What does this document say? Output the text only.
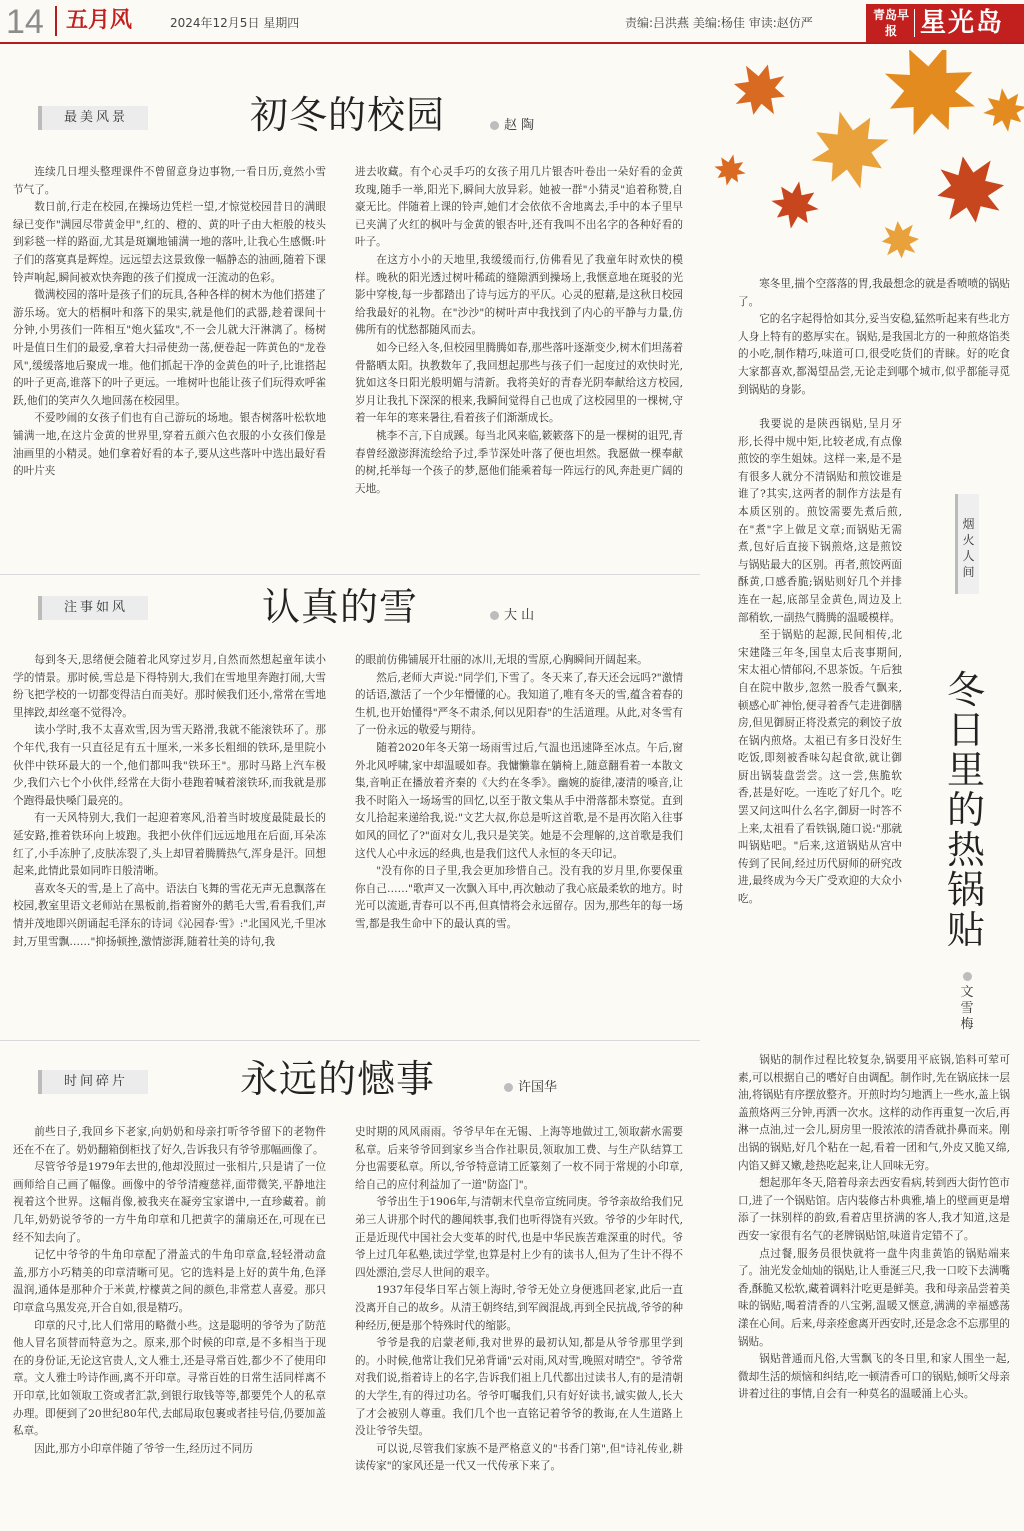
14 五月风	2024年12月5日 星期四	责编:吕洪燕 美编:杨佳 审读:赵仿严
青岛早报 星光岛
最美风景	初冬的校园	赵 陶

连续几日埋头整理课件不曾留意身边事物,一看日历,竟然小雪节气了。

数日前,行走在校园,在操场边凭栏一望,才惊觉校园昔日的满眼绿已变作"满园尽带黄金甲",红的、橙的、黄的叶子由大柜般的枝头到彩毯一样的路面,尤其是斑斓地铺满一地的落叶,让我心生感慨:叶子们的落寞真是辉煌。远远望去这景致像一幅静态的油画,随着下课铃声响起,瞬间被欢快奔跑的孩子们搅成一汪流动的色彩。

微满校园的落叶是孩子们的玩具,各种各样的树木为他们搭建了游乐场。宽大的梧桐叶和落下的果实,就是他们的武器,趁着课间十分钟,小男孩们一阵相互"炮火猛攻",不一会儿就大汗淋漓了。杨树叶是值日生们的最爱,拿着大扫帚使劲一荡,便卷起一阵黄色的"龙卷风",缓缓落地后聚成一堆。他们抓起干净的金黄色的叶子,比谁搭起的叶子更高,谁落下的叶子更远。一堆树叶也能让孩子们玩得欢呼雀跃,他们的笑声久久地回荡在校园里。

不爱吵闹的女孩子们也有自己游玩的场地。银杏树落叶松软地铺满一地,在这片金黄的世界里,穿着五颜六色衣服的小女孩们像是油画里的小精灵。她们拿着好看的本子,要从这些落叶中选出最好看的叶片夹

进去收藏。有个心灵手巧的女孩子用几片银杏叶卷出一朵好看的金黄玫瑰,随手一举,阳光下,瞬间大放异彩。她被一群"小猜灵"追着称赞,自豪无比。伴随着上课的铃声,她们才会依依不舍地离去,手中的本子里早已夹满了火红的枫叶与金黄的银杏叶,还有我叫不出名字的各种好看的叶子。

在这方小小的天地里,我缓缓而行,仿佛看见了我童年时欢快的模样。晚秋的阳光透过树叶稀疏的缝隙洒到操场上,我惬意地在斑驳的光影中穿梭,每一步都踏出了诗与远方的平仄。心灵的慰藉,是这秋日校园给我最好的礼物。在"沙沙"的树叶声中我找到了内心的平静与力量,仿佛所有的忧愁都随风而去。

如今已经入冬,但校园里腾腾如春,那些落叶逐渐变少,树木们坦荡着骨骼晒太阳。执教数年了,我回想起那些与孩子们一起度过的欢快时光,犹如这冬日阳光般明媚与清新。我将美好的青春光阴奉献给这方校园,岁月让我扎下深深的根来,我瞬间觉得自己也成了这校园里的一棵树,守着一年年的寒来暑往,看着孩子们渐渐成长。

桃李不言,下自成蹊。每当北风来临,簌簌落下的是一棵树的诅咒,青春曾经激澎湃流绘给予过,季节深处叶落了便也坦然。我愿做一棵奉献的树,托举每一个孩子的梦,愿他们能乘着每一阵远行的风,奔赴更广阔的天地。

注事如风	认真的雪	大 山

每到冬天,思绪便会随着北风穿过岁月,自然而然想起童年读小学的情景。那时候,雪总是下得特别大,我们在雪地里奔跑打闹,大雪纷飞把学校的一切都变得洁白而美好。那时候我们还小,常常在雪地里摔跤,却丝毫不觉得冷。

读小学时,我不太喜欢雪,因为雪天路滑,我就不能滚铁环了。那个年代,我有一只直径足有五十厘米,一米多长粗细的铁环,是里院小伙伴中铁环最大的一个,他们都叫我"铁环王"。那时马路上汽车极少,我们六七个小伙伴,经常在大街小巷跑着喊着滚铁环,而我就是那个跑得最快嗓门最亮的。

有一天风特别大,我们一起迎着寒风,沿着当时坡度最陡最长的延安路,推着铁环向上坡跑。我把小伙伴们远远地甩在后面,耳朵冻红了,小手冻肿了,皮肤冻裂了,头上却冒着腾腾热气,浑身是汗。回想起来,此情此景如同昨日般清晰。

喜欢冬天的雪,是上了高中。语法白飞舞的雪花无声无息飘落在校园,教室里语文老师站在黑板前,指着窗外的鹅毛大雪,看看我们,声情并茂地即兴朗诵起毛泽东的诗词《沁园春·雪》:"北国风光,千里冰封,万里雪飘……"抑扬顿挫,激情澎湃,随着壮美的诗句,我

的眼前仿佛铺展开壮丽的冰川,无垠的雪原,心胸瞬间开阔起来。

然后,老师大声说:"同学们,下雪了。冬天来了,春天还会远吗?"激情的话语,激活了一个少年懵懂的心。我知道了,唯有冬天的雪,蕴含着春的生机,也开始懂得"严冬不肃杀,何以见阳春"的生活道理。从此,对冬雪有了一份永远的敬爱与期待。

随着2020年冬天第一场雨雪过后,气温也迅速降至冰点。午后,窗外北风呼啸,家中却温暖如春。我慵懒靠在躺椅上,随意翻看着一本散文集,音响正在播放着齐秦的《大约在冬季》。幽婉的旋律,凄清的嗓音,让我不时陷入一场场雪的回忆,以至于散文集从手中滑落都未察觉。直到女儿拾起来递给我,说:"文艺大叔,你总是听这首歌,是不是再次陷入往事如风的回忆了?"面对女儿,我只是笑笑。她是不会理解的,这首歌是我们这代人心中永远的经典,也是我们这代人永恒的冬天印记。

"没有你的日子里,我会更加珍惜自己。没有我的岁月里,你要保重你自己……"歌声又一次飘入耳中,再次触动了我心底最柔软的地方。时光可以流逝,青春可以不再,但真情将会永远留存。因为,那些年的每一场雪,都是我生命中下的最认真的雪。

时间碎片	永远的憾事	许国华

前些日子,我回乡下老家,向奶奶和母亲打听爷爷留下的老物件还在不在了。奶奶翻箱倒柜找了好久,告诉我只有爷爷那幅画像了。

尽管爷爷是1979年去世的,他却没照过一张相片,只是请了一位画师给自己画了幅像。画像中的爷爷清瘦慈祥,面带微笑,平静地注视着这个世界。这幅肖像,被我夹在凝旁宝家谱中,一直珍藏着。前几年,奶奶说爷爷的一方牛角印章和几把黄字的蒲扇还在,可现在已经不知去向了。

记忆中爷爷的牛角印章配了滑盖式的牛角印章盒,轻轻滑动盒盖,那方小巧精美的印章清晰可见。它的选料是上好的黄牛角,色泽温润,通体是那种介于米黄,柠檬黄之间的颜色,非常惹人喜爱。那只印章盒乌黑发亮,开合自如,很是精巧。

印章的尺寸,比人们常用的略微小些。这是聪明的爷爷为了防范他人冒名顶替而特意为之。原来,那个时候的印章,是不多相当于现在的身份证,无论这官贵人,文人雅士,还是寻常百姓,都少不了使用印章。文人雅士吟诗作画,离不开印章。寻常百姓的日常生活同样离不开印章,比如领取工资或者汇款,到银行取钱等等,都要凭个人的私章办理。即便到了20世纪80年代,去邮局取包裹或者挂号信,仍要加盖私章。

因此,那方小印章伴随了爷爷一生,经历过不同历

史时期的风风雨雨。爷爷早年在无锡、上海等地做过工,领取薪水需要私章。后来爷爷回到家乡当合作社职员,领取加工费、与生产队结算工分也需要私章。所以,爷爷特意请工匠篆刻了一枚不同于常规的小印章,给自己的应付利益加了一道"防盗门"。

爷爷出生于1906年,与清朝末代皇帝宣统同庚。爷爷亲故给我们兄弟三人讲那个时代的趣闻轶事,我们也听得饶有兴致。爷爷的少年时代,正是近现代中国社会大变革的时代,也是中华民族苦难深重的时代。爷爷上过几年私塾,读过学堂,也算是村上少有的读书人,但为了生计不得不四处漂泊,尝尽人世间的艰辛。

1937年侵华日军占领上海时,爷爷无处立身便逃回老家,此后一直没离开自己的故乡。从清王朝终结,到军阀混战,再到全民抗战,爷爷的种种经历,便是那个特殊时代的缩影。

爷爷是我的启蒙老师,我对世界的最初认知,都是从爷爷那里学到的。小时候,他常让我们兄弟背诵"云对雨,风对雪,晚照对晴空"。爷爷常对我们说,指着诗上的名字,告诉我们祖上几代都出过读书人,有的是清朝的大学生,有的得过功名。爷爷叮嘱我们,只有好好读书,诚实做人,长大了才会被别人尊重。我们几个也一直铭记着爷爷的教诲,在人生道路上没让爷爷失望。

可以说,尽管我们家族不是严格意义的"书香门第",但"诗礼传业,耕读传家"的家风还是一代又一代传承下来了。

寒冬里,揣个空落落的胃,我最想念的就是香喷喷的锅贴了。

它的名字起得恰如其分,妥当安稳,猛然听起来有些北方人身上特有的憨厚实在。锅贴,是我国北方的一种煎烙馅类的小吃,制作精巧,味道可口,很受吃货们的青睐。好的吃食大家都喜欢,都渴望品尝,无论走到哪个城市,似乎都能寻觅到锅贴的身影。

我要说的是陕西锅贴,呈月牙形,长得中规中矩,比较老成,有点像煎饺的孪生姐妹。这样一来,是不是有很多人就分不清锅贴和煎饺谁是谁了?其实,这两者的制作方法是有本质区别的。煎饺需要先煮后煎,在"煮"字上做足文章;而锅贴无需煮,包好后直接下锅煎烙,这是煎饺与锅贴最大的区别。再者,煎饺两面酥黄,口感香脆;锅贴则好几个并排连在一起,底部呈金黄色,周边及上部稍软,一副热气腾腾的温暖模样。

至于锅贴的起源,民间相传,北宋建隆三年冬,国皇太后丧事期间,宋太祖心情郁闷,不思茶饭。午后独自在院中散步,忽然一股香气飘来,顿感心旷神怡,便寻着香气走进御膳房,但见御厨正将没煮完的剩饺子放在锅内煎烙。太祖已有多日没好生吃饭,即刻被香味勾起食欲,就让御厨出锅装盘尝尝。这一尝,焦脆软香,甚是好吃。一连吃了好几个。吃罢又问这叫什么名字,御厨一时答不上来,太祖看了看铁锅,随口说:"那就叫锅贴吧。"后来,这道锅贴从宫中传到了民间,经过历代厨师的研究改进,最终成为今天广受欢迎的大众小吃。

烟火人间
冬日里的热锅贴
文雪梅

锅贴的制作过程比较复杂,锅要用平底锅,馅料可荤可素,可以根据自己的嗜好自由调配。制作时,先在锅底抹一层油,将锅贴有序摆放整齐。开煎时均匀地洒上一些水,盖上锅盖煎烙两三分钟,再洒一次水。这样的动作再重复一次后,再淋一点油,过一会儿,厨房里一股浓浓的清香就扑鼻而来。刚出锅的锅贴,好几个粘在一起,看着一团和气,外皮又脆又绵,内馅又鲜又嫩,趁热吃起来,让人回味无穷。

想起那年冬天,陪着母亲去西安看病,转到西大街竹笆市口,进了一个锅贴馆。店内装修古朴典雅,墙上的壁画更是增添了一抹别样的韵致,看着店里挤满的客人,我才知道,这是西安一家很有名气的老牌锅贴馆,味道肯定错不了。

点过餐,服务员很快就将一盘牛肉韭黄馅的锅贴端来了。油光发金灿灿的锅贴,让人垂涎三尺,我一口咬下去满嘴香,酥脆又松软,藏着调料汁吃更是鲜美。我和母亲品尝着美味的锅贴,喝着清香的八宝粥,温暖又惬意,满满的幸福感荡漾在心间。后来,母亲痊愈离开西安时,还是念念不忘那里的锅贴。

锅贴普通而凡俗,大雪飘飞的冬日里,和家人围坐一起,微却生活的烦恼和纠结,吃一顿清香可口的锅贴,倾听父母亲讲着过往的事情,自会有一种莫名的温暖涌上心头。
